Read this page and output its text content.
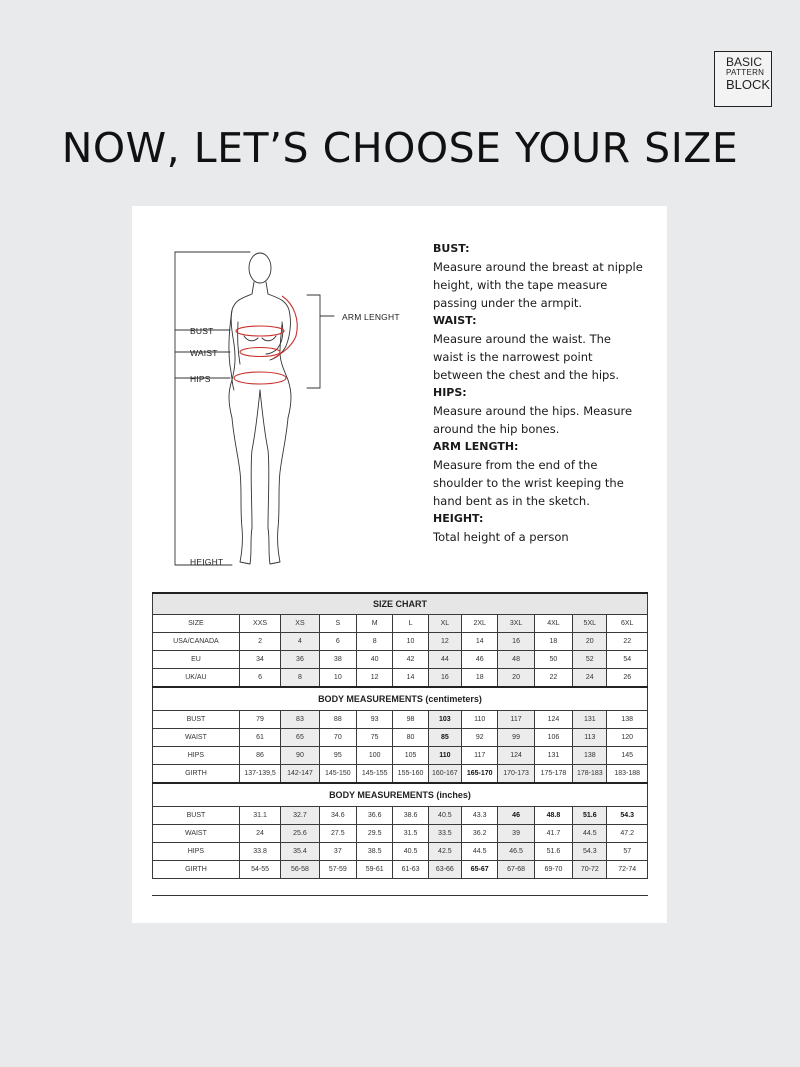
BASIC
PATTERN
BLOCK
NOW, LET’S CHOOSE YOUR SIZE
BUST
WAIST
HIPS
HEIGHT
ARM LENGHT
BUST:

Measure around the breast at nipple height, with the tape measure passing under the armpit.

WAIST:

Measure around the waist. The waist is the narrowest point between the chest and the hips.

HIPS:

Measure around the hips. Measure around the hip bones.

ARM LENGTH:

Measure from the end of the shoulder to the wrist keeping the hand bent as in the sketch.

HEIGHT:

Total height of a person

SIZE CHART											
SIZE	XXS	XS	S	M	L	XL	2XL	3XL	4XL	5XL	6XL
USA/CANADA	2	4	6	8	10	12	14	16	18	20	22
EU	34	36	38	40	42	44	46	48	50	52	54
UK/AU	6	8	10	12	14	16	18	20	22	24	26
BODY MEASUREMENTS (centimeters)											
BUST	79	83	88	93	98	103	110	117	124	131	138
WAIST	61	65	70	75	80	85	92	99	106	113	120
HIPS	86	90	95	100	105	110	117	124	131	138	145
GIRTH	137-139,5	142-147	145-150	145-155	155-160	160-167	165-170	170-173	175-178	178-183	183-188
BODY MEASUREMENTS (inches)											
BUST	31.1	32.7	34.6	36.6	38.6	40.5	43.3	46	48.8	51.6	54.3
WAIST	24	25.6	27.5	29.5	31.5	33.5	36.2	39	41.7	44.5	47.2
HIPS	33.8	35.4	37	38.5	40.5	42.5	44.5	46.5	51.6	54.3	57
GIRTH	54-55	56-58	57-59	59-61	61-63	63-66	65-67	67-68	69-70	70-72	72-74
